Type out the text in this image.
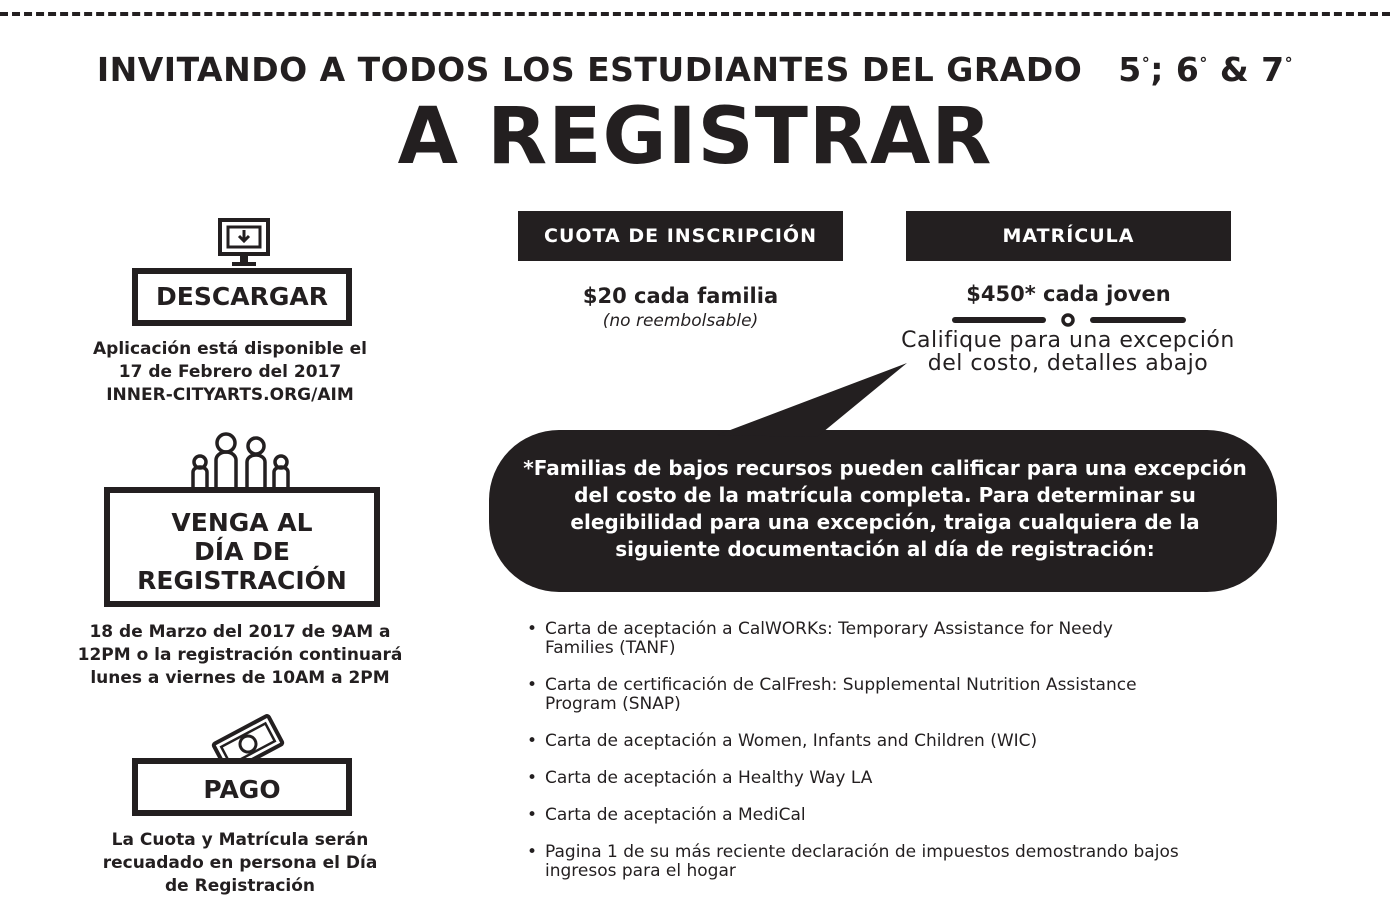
INVITANDO A TODOS LOS ESTUDIANTES DEL GRADO 5°; 6° & 7°
A REGISTRAR
DESCARGAR
Aplicación está disponible el
17 de Febrero del 2017
INNER-CITYARTS.ORG/AIM
VENGA AL
DÍA DE
REGISTRACIÓN
18 de Marzo del 2017 de 9AM a
12PM o la registración continuará
lunes a viernes de 10AM a 2PM
PAGO
La Cuota y Matrícula serán
recuadado en persona el Día
de Registración
CUOTA DE INSCRIPCIÓN
$20 cada familia
(no reembolsable)
MATRÍCULA
$450* cada joven
Califique para una excepción
del costo, detalles abajo
*Familias de bajos recursos pueden calificar para una excepción
del costo de la matrícula completa. Para determinar su
elegibilidad para una excepción, traiga cualquiera de la
siguiente documentación al día de registración:
• Carta de aceptación a CalWORKs: Temporary Assistance for Needy
Families (TANF)
• Carta de certificación de CalFresh: Supplemental Nutrition Assistance
Program (SNAP)
• Carta de aceptación a Women, Infants and Children (WIC)
• Carta de aceptación a Healthy Way LA
• Carta de aceptación a MediCal
• Pagina 1 de su más reciente declaración de impuestos demostrando bajos
ingresos para el hogar
